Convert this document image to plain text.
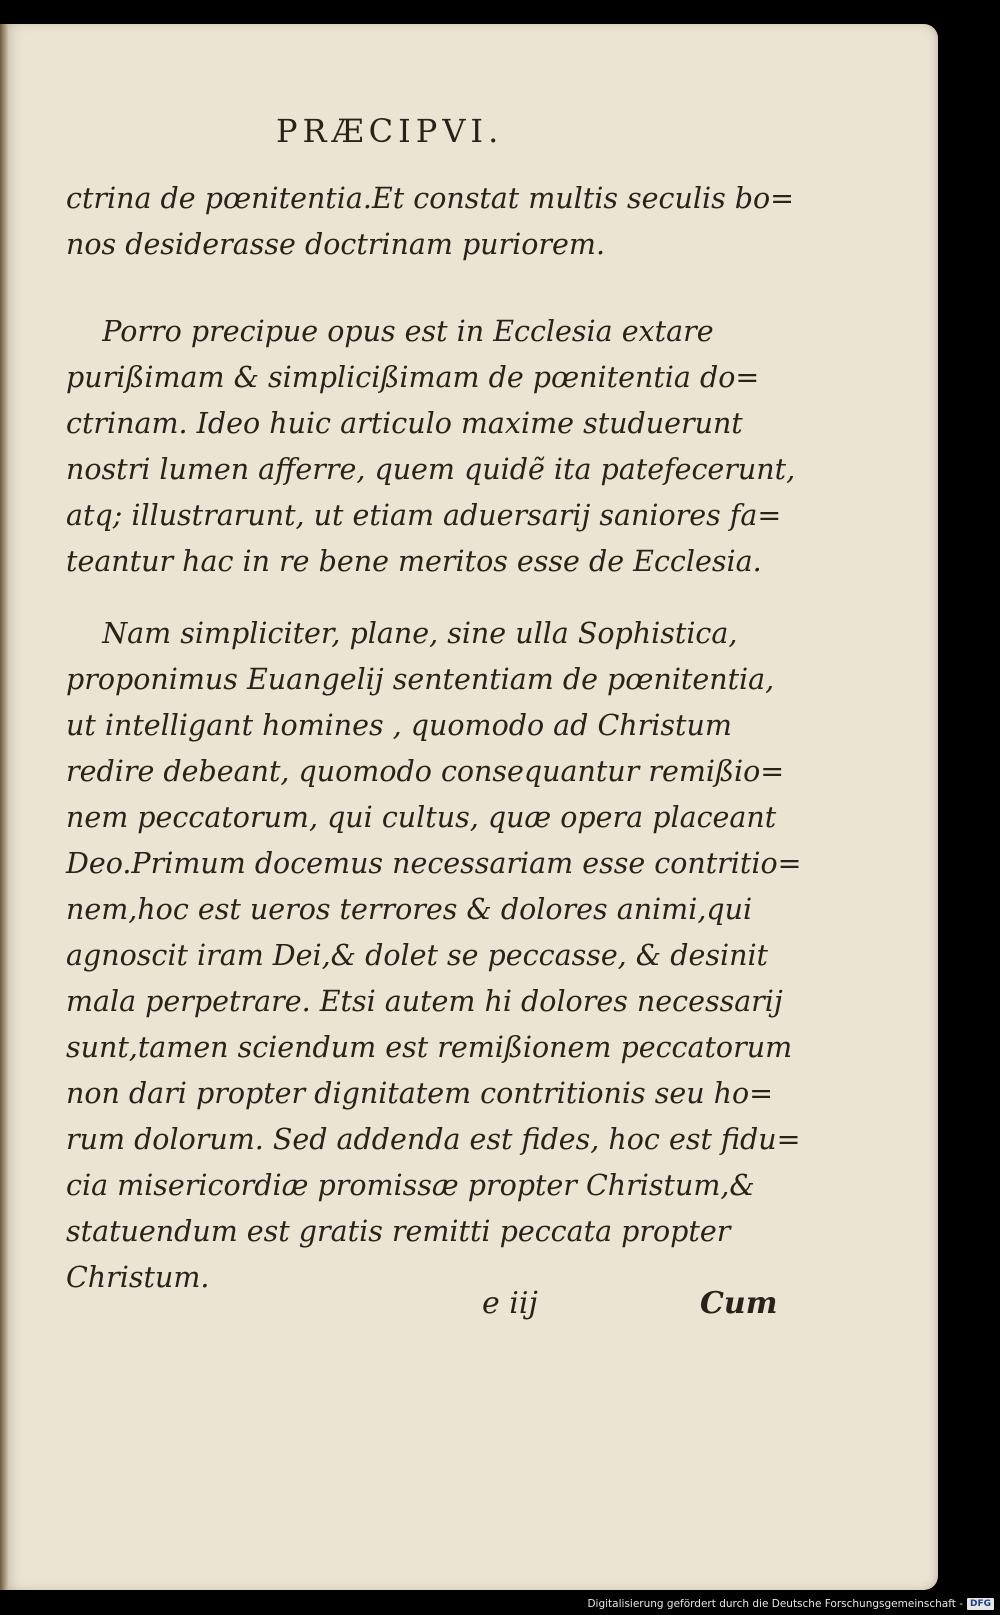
PRÆCIPVI.
ctrina de pœnitentia.Et constat multis seculis bo=
nos desiderasse doctrinam puriorem.
Porro precipue opus est in Ecclesia extare
purißimam & simplicißimam de pœnitentia do=
ctrinam. Ideo huic articulo maxime studuerunt
nostri lumen afferre, quem quidẽ ita patefecerunt,
atq; illustrarunt, ut etiam aduersarij saniores fa=
teantur hac in re bene meritos esse de Ecclesia.
Nam simpliciter, plane, sine ulla Sophistica,
proponimus Euangelij sententiam de pœnitentia,
ut intelligant homines , quomodo ad Christum
redire debeant, quomodo consequantur remißio=
nem peccatorum, qui cultus, quæ opera placeant
Deo.Primum docemus necessariam esse contritio=
nem,hoc est ueros terrores & dolores animi,qui
agnoscit iram Dei,& dolet se peccasse, & desinit
mala perpetrare. Etsi autem hi dolores necessarij
sunt,tamen sciendum est remißionem peccatorum
non dari propter dignitatem contritionis seu ho=
rum dolorum. Sed addenda est fides, hoc est fidu=
cia misericordiæ promissæ propter Christum,&
statuendum est gratis remitti peccata propter
Christum.
e iij	Cum
Digitalisierung gefördert durch die Deutsche Forschungsgemeinschaft - DFG
